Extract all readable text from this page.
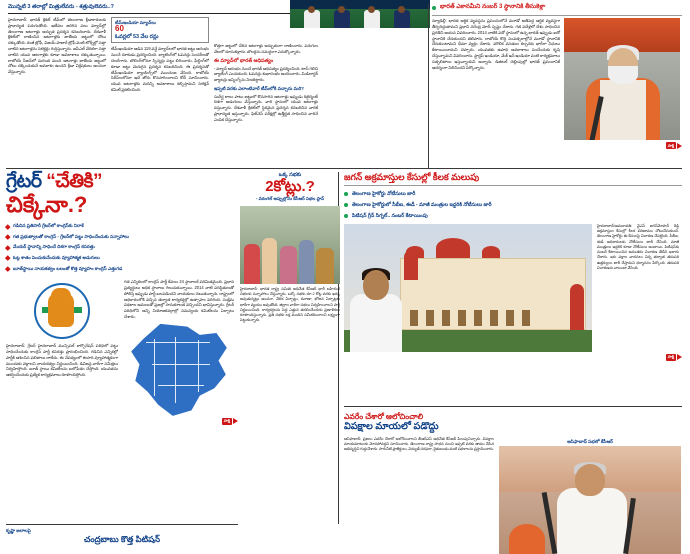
మొన్నటి 3 తరాల్లో మిత్రులేవరు - శత్రువులెవరు..?
హైదరాబాద్‌: భారత్‌ క్రికెట్‌ టీమ్‌లో తెలంగాణ క్రీడాకారులకు ప్రాధాన్యత పెరుగుతోంది. ఇటీవల జరిగిన పలు మ్యాచ్‌ల్లో తెలంగాణ ఆటగాళ్లు అద్భుత ప్రదర్శన కనబరిచారు. దేశవాళీ క్రికెట్‌లో రాణించిన ఆటగాళ్లకు జాతీయ జట్టులో చోటు దక్కుతోంది. రంజీ ట్రోఫీ, విజయ్‌ హజారే ట్రోఫీ వంటి టోర్నీల్లో సత్తా చాటిన ఆటగాళ్లను సెలెక్టర్లు గుర్తిస్తున్నారు. ఐపీఎల్‌ వేదికగా సత్తా చాటిన యువ ఆటగాళ్లకు కూడా అవకాశాలు దక్కుతున్నాయి. రాబోయే సీజన్‌లో మరింత మంది ఆటగాళ్లు జాతీయ జట్టులో చోటు దక్కించుకునే అవకాశం ఉందని క్రీడా విశ్లేషకులు అంచనా వేస్తున్నారు.
టీమ్‌ఇండియా మ్యాచ్‌లు
60
ఓవర్లలో 53 వేల రన్లు
టీమ్‌ఇండియా ఆడిన 119 వన్డే మ్యాచ్‌లలో భారత జట్టు ఆరంభం నుంచే దూకుడు ప్రదర్శించింది. బ్యాటింగ్‌లో ఓపెనర్లు సెంచరీలతో చెలరేగారు. బౌలింగ్‌లోనూ స్పిన్నర్లు పట్టు బిగించారు. ఫీల్డింగ్‌లో కూడా జట్టు మెరుగైన ప్రదర్శన కనబరిచింది. ఈ ప్రదర్శనతో టీమ్‌ఇండియా ర్యాంకింగ్స్‌లో ముందంజ వేసింది. రాబోయే సిరీస్‌లలోనూ ఇదే జోరు కొనసాగించాలని కోచ్‌ సూచించారు. యువ ఆటగాళ్లకు మరిన్ని అవకాశాలు కల్పిస్తామని సెలెక్షన్‌ కమిటీ ప్రకటించింది.
కొత్తగా జట్టులో చేరిన ఆటగాళ్లు అద్భుతంగా రాణించారు. పరుగుల వేటలో దూసుకెళ్లారు. బౌలర్లను సమర్థంగా ఎదుర్కొన్నారు.
ఈ మ్యాచ్‌లో భారత్‌ ఆధిపత్యం
- మ్యాచ్‌ ఆరంభం నుంచే భారత్‌ ఆధిపత్యం ప్రదర్శించింది. టాస్‌ గెలిచి బ్యాటింగ్‌ ఎంచుకుంది. ఓపెనర్లు శుభారంభం అందించారు. మిడిలార్డర్‌ బ్యాటర్లు ఇన్నింగ్స్‌ను నిలబెట్టారు.
ఇప్పటి వరకు ఎలాంటివారే టీమ్‌లోకి వచ్చారు మరి?
సుదీర్ఘ కాలం పాటు జట్టులో కొనసాగిన ఆటగాళ్లు ఇప్పుడు రిటైర్మెంట్‌ దిశగా అడుగులు వేస్తున్నారు. వారి స్థానంలో యువ ఆటగాళ్లు వస్తున్నారు. దేశవాళీ క్రికెట్‌లో స్థిరమైన ప్రదర్శన కనబరిచిన వారికే ప్రాధాన్యత ఇస్తున్నారు. ఫిట్‌నెస్‌ పరీక్షల్లో ఉత్తీర్ణత సాధించిన వారినే ఎంపిక చేస్తున్నారు.
భారత్‌ ఎకానమీని నంబర్‌ 3 స్థానానికి తీసుకెళ్లా
న్యూఢిల్లీ: భారత ఆర్థిక వ్యవస్థను ప్రపంచంలోనే మూడో అతిపెద్ద ఆర్థిక వ్యవస్థగా తీర్చిదిద్దుతామని ప్రధాని నరేంద్ర మోదీ స్పష్టం చేశారు. గత పదేళ్లలో దేశం సాధించిన ప్రగతిని ఆయన వివరించారు. 2014 నాటికి పదో స్థానంలో ఉన్న భారత్‌ ఇప్పుడు ఐదో స్థానానికి చేరుకుందని తెలిపారు. రాబోయే కొద్ది సంవత్సరాల్లోనే మూడో స్థానానికి చేరుకుంటామని ధీమా వ్యక్తం చేశారు. మౌలిక వసతుల కల్పనకు భారీగా నిధులు కేటాయించామని చెప్పారు. యువతకు ఉపాధి అవకాశాలు పెంచేందుకు కృషి చేస్తున్నామని వివరించారు. స్టార్టప్‌ ఇండియా, మేక్‌ ఇన్‌ ఇండియా వంటి కార్యక్రమాలు సత్ఫలితాలు ఇస్తున్నాయని అన్నారు. డిజిటల్‌ చెల్లింపుల్లో భారత్‌ ప్రపంచానికే ఆదర్శంగా నిలిచిందని పేర్కొన్నారు.
సాక్షి
గ్రేటర్‌ “చేతికి”
చిక్కేనా.?
గడిచిన ప్రతిసారీ గ్రేటర్‌లో కాంగ్రెస్‌కు నిరాశే
గత ప్రభుత్వాలతో కాంగ్రెస్‌ - గ్రేటర్‌లో పట్టు సాధించేందుకు సన్నాహాలు
మేయర్‌ స్థానాన్ని సాధించే దిశగా కాంగ్రెస్‌ కసరత్తు
ఓట్ల శాతం పెంచుకునేందుకు వ్యూహాత్మక అడుగులు
బూత్‌స్థాయి నాయకత్వం బలంతో కొత్త వ్యూహం కాంగ్రెస్‌ ఎత్తుగడ
హైదరాబాద్‌: గ్రేటర్‌ హైదరాబాద్‌ మున్సిపల్‌ కార్పొరేషన్‌ పరిధిలో పట్టు సాధించేందుకు కాంగ్రెస్‌ పార్టీ కసరత్తు ప్రారంభించింది. గడిచిన ఎన్నికల్లో పార్టీకి ఆశించిన ఫలితాలు రాలేదు. ఈ నేపథ్యంలో ఈసారి వ్యూహాత్మకంగా ముందుకు వెళ్లాలని నాయకత్వం నిర్ణయించింది. డివిజన్ల వారీగా సమీక్షలు నిర్వహిస్తోంది. బూత్‌ స్థాయి కమిటీలను బలోపేతం చేస్తోంది. యువతను ఆకర్షించేందుకు ప్రత్యేక కార్యక్రమాలు రూపొందిస్తోంది.
గత ఎన్నికలలో కాంగ్రెస్‌ పార్టీ కేవలం 24 స్థానాలకే పరిమితమైంది. ప్రధాన ప్రత్యర్థులు అధిక స్థానాలు గెలుచుకున్నాయి. 2014 నాటి పరిస్థితులతో పోలిస్తే ఇప్పుడు పార్టీ బలపడిందని నాయకులు చెబుతున్నారు. రాష్ట్రంలో అధికారంలోకి వచ్చిన తర్వాత కార్యకర్తల్లో ఉత్సాహం పెరిగింది. సంక్షేమ పథకాల అమలుతో ప్రజల్లో సానుకూలత వచ్చిందని భావిస్తున్నారు. గ్రేటర్‌ పరిధిలోని అన్ని నియోజకవర్గాల్లో సమన్వయ కమిటీలను ఏర్పాటు చేశారు.
సాక్షి
ఒక్క సభకు
2కోట్లు.?
- వరంగల్‌ అప్పుల్లోను కేసీఆర్‌ సభల ప్లాన్‌
హైదరాబాద్‌: భారత రాష్ట్ర సమితి అధినేత కేసీఆర్‌ భారీ బహిరంగ సభలకు సన్నాహాలు చేస్తున్నారు. ఒక్కో సభకు రూ.2 కోట్ల వరకు ఖర్చు అవుతున్నట్లు అంచనా. వేదిక ఏర్పాట్లు, రవాణా, భోజన ఏర్పాట్లకు భారీగా వ్యయం అవుతోంది. జిల్లాల వారీగా సభలు నిర్వహించాలని పార్టీ నిర్ణయించింది. కార్యకర్తలను పెద్ద ఎత్తున తరలించేందుకు ప్రణాళికలు రూపొందిస్తున్నారు. ప్రతి సభకు లక్ష మందిని సమీకరించాలని లక్ష్యంగా పెట్టుకున్నారు.
జగన్‌ అక్రమాస్తుల కేసుల్లో కీలక మలుపు
తెలంగాణ హైకోర్టు నోటీసులు జారీ
తెలంగాణ హైకోర్టులో సీబీఐ, ఈడీ - మాజీ మంత్రుల ఇద్దరికి నోటీసులు జారీ
పిటిషన్‌ గ్రీన్‌ సిగ్నల్‌.. నంబర్‌ కేటాయింపు
హైదరాబాద్‌/అమరావతి: వైఎస్‌ జగన్‌మోహన్‌ రెడ్డి అక్రమాస్తుల కేసుల్లో కీలక పరిణామం చోటుచేసుకుంది. తెలంగాణ హైకోర్టు ఈ కేసులపై విచారణ చేపట్టింది. సీబీఐ, ఈడీ అధికారులకు నోటీసులు జారీ చేసింది. మాజీ మంత్రులు ఇద్దరికి కూడా నోటీసులు అందాయి. పిటిషన్‌కు నంబర్‌ కేటాయించిన అనంతరం విచారణ తేదీని ఖరారు చేశారు. ఇరు పక్షాల వాదనలు విన్న తర్వాత తదుపరి ఉత్తర్వులు జారీ చేస్తామని ధర్మాసనం పేర్కొంది. తదుపరి విచారణను వాయిదా వేసింది.
సాక్షి
ఎవరేం చేశారో ఆలోచించాలి
విపక్షాల మాయలో పడొద్దు
ఆసిఫాబాద్‌: ప్రజలు ఎవరేం చేశారో ఆలోచించాలని బీఆర్‌ఎస్‌ అధినేత కేసీఆర్‌ పిలుపునిచ్చారు. విపక్షాల మాయమాటలకు మోసపోవద్దని సూచించారు. తెలంగాణ రాష్ట్ర సాధన నుంచి ఇప్పటి వరకు తాము చేసిన అభివృద్ధిని గుర్తుచేశారు. సాగునీటి ప్రాజెక్టులు, విద్యుత్‌ సరఫరా, రైతుబంధు వంటి పథకాలను ప్రస్తావించారు.
ఆసిఫాబాద్‌ సభలో కేసీఆర్‌
కృష్ణా జలాలపై
చంద్రబాబు కొత్త పిటిషన్‌
